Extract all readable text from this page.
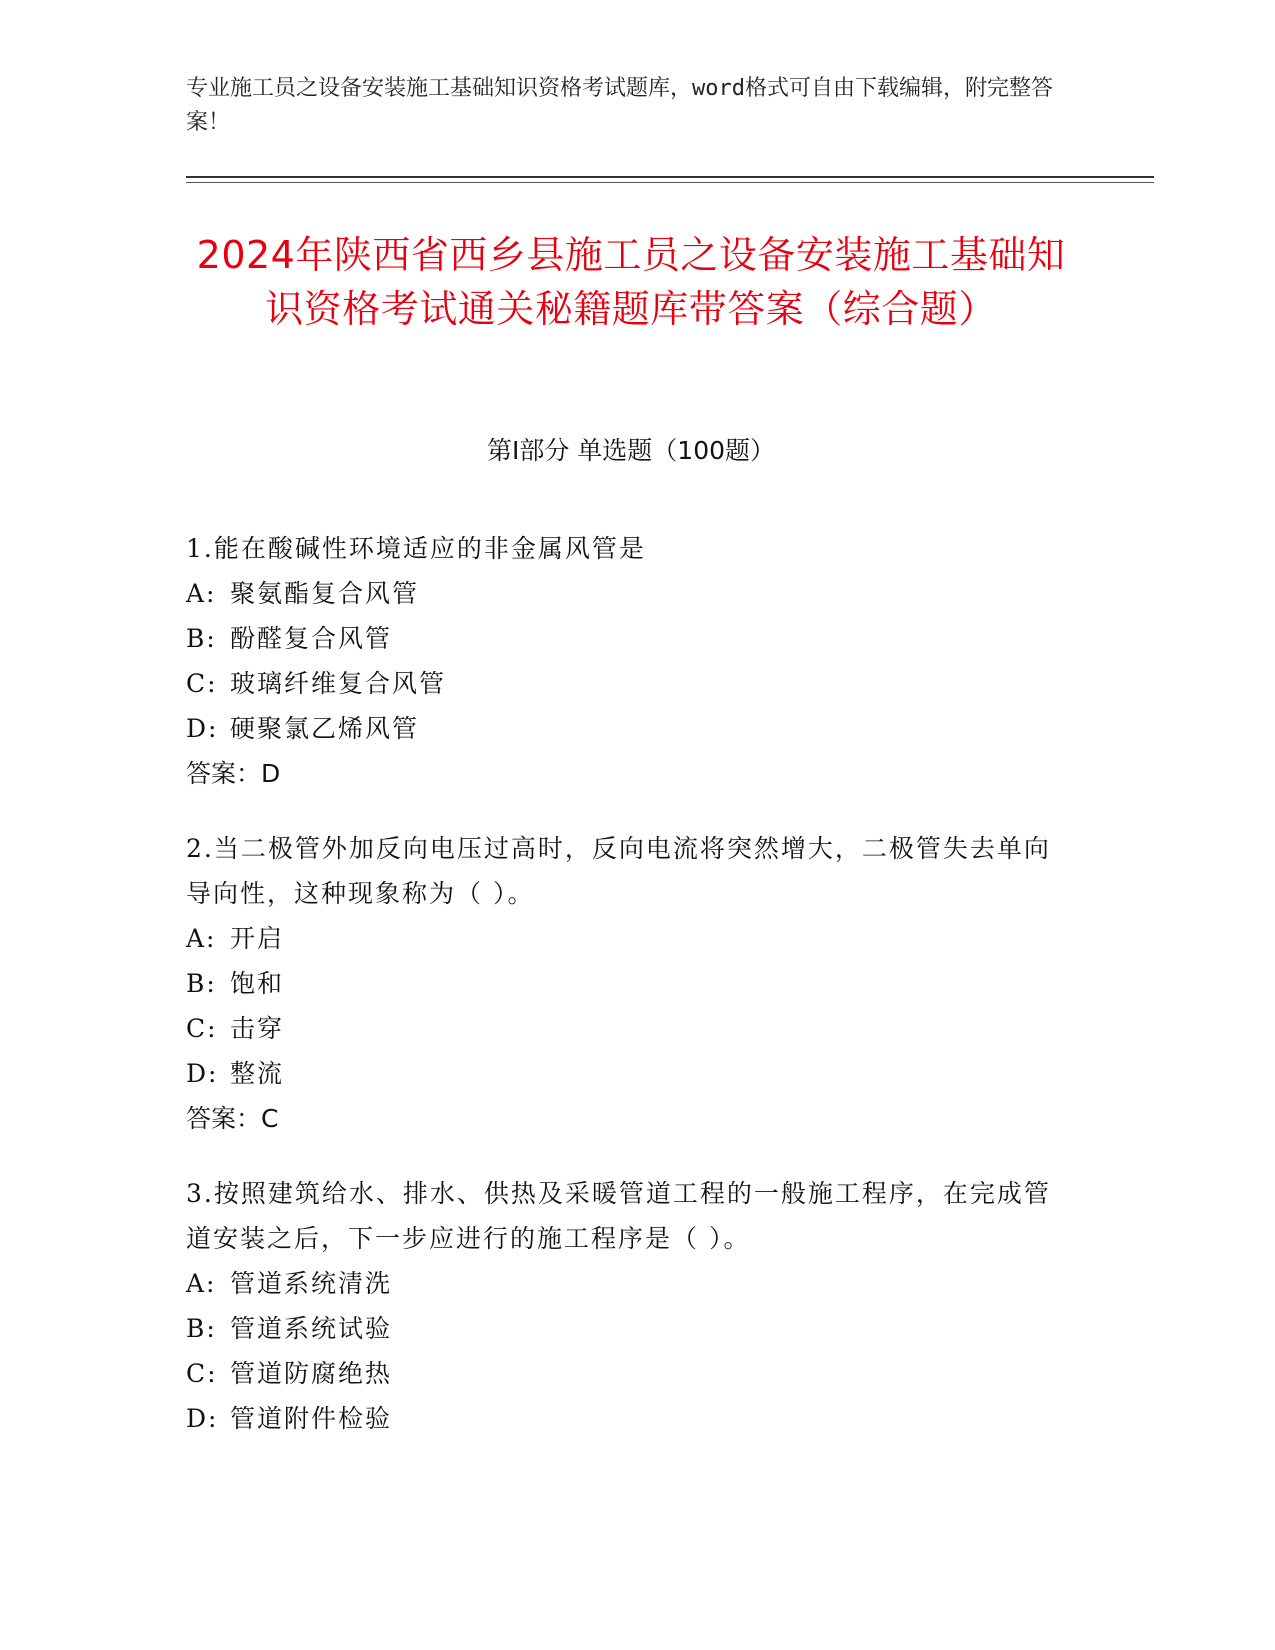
专业施工员之设备安装施工基础知识资格考试题库，word格式可自由下载编辑，附完整答案！
2024年陕西省西乡县施工员之设备安装施工基础知识资格考试通关秘籍题库带答案（综合题）
第Ⅰ部分 单选题（100题）
1.能在酸碱性环境适应的非金属风管是
A: 聚氨酯复合风管
B: 酚醛复合风管
C: 玻璃纤维复合风管
D: 硬聚氯乙烯风管
答案：D
2.当二极管外加反向电压过高时，反向电流将突然增大，二极管失去单向导向性，这种现象称为（ ）。
A: 开启
B: 饱和
C: 击穿
D: 整流
答案：C
3.按照建筑给水、排水、供热及采暖管道工程的一般施工程序，在完成管道安装之后，下一步应进行的施工程序是（ ）。
A: 管道系统清洗
B: 管道系统试验
C: 管道防腐绝热
D: 管道附件检验
